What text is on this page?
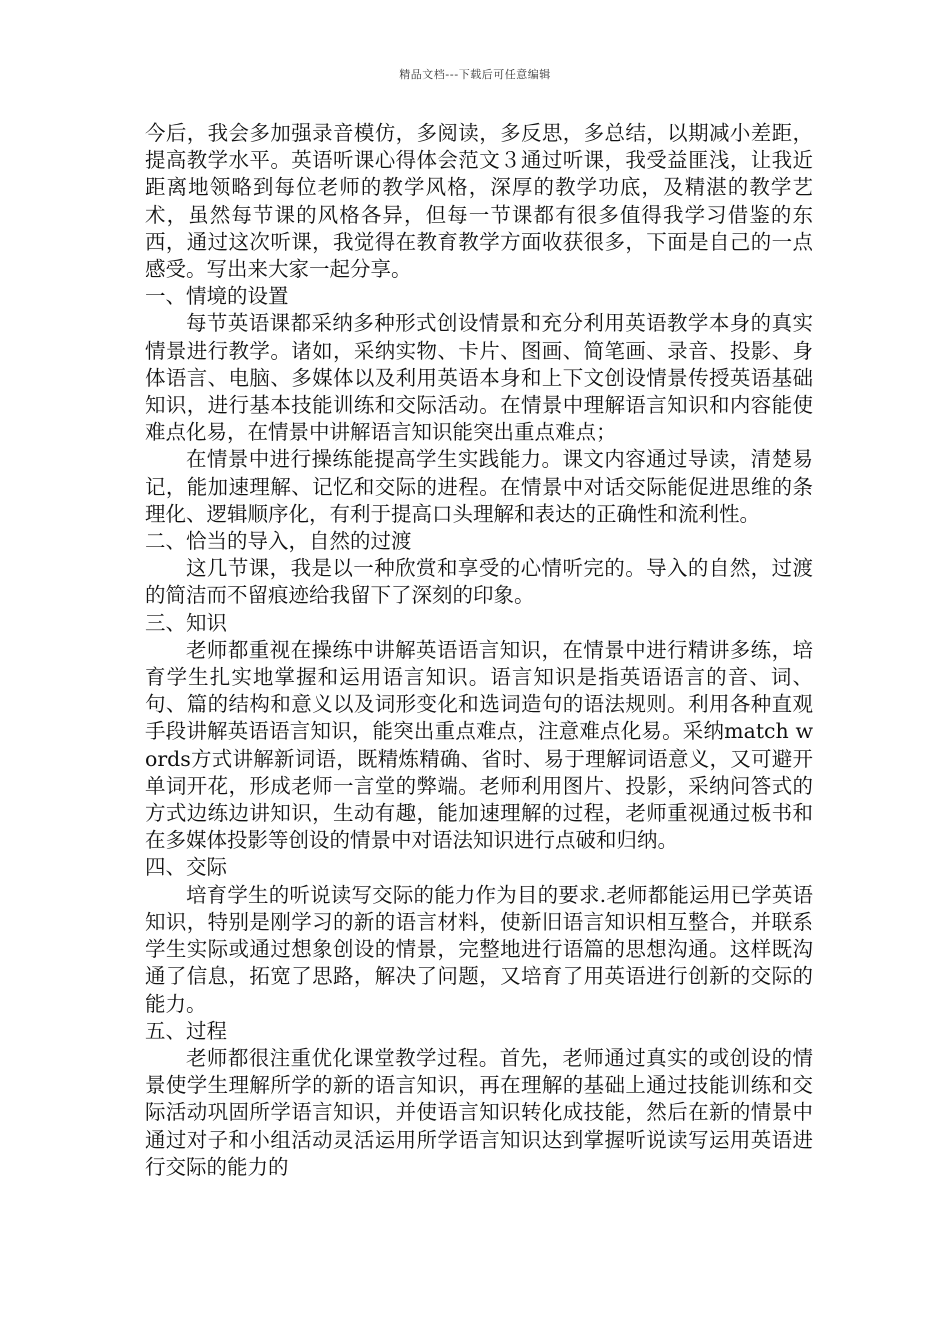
精品文档---下载后可任意编辑

今后，我会多加强录音模仿，多阅读，多反思，多总结，以期减小差距，提高教学水平。英语听课心得体会范文３通过听课，我受益匪浅，让我近距离地领略到每位老师的教学风格，深厚的教学功底，及精湛的教学艺术，虽然每节课的风格各异，但每一节课都有很多值得我学习借鉴的东西，通过这次听课，我觉得在教育教学方面收获很多，下面是自己的一点 感受。写出来大家一起分享。

一、情境的设置

每节英语课都采纳多种形式创设情景和充分利用英语教学本身的真实情景进行教学。诸如，采纳实物、卡片、图画、简笔画、录音、投影、身体语言、电脑、多媒体以及利用英语本身和上下文创设情景传授英语基础知识，进行基本技能训练和交际活动。在情景中理解语言知识和内容能使难点化易，在情景中讲解语言知识能突出重点难点；

在情景中进行操练能提高学生实践能力。课文内容通过导读，清楚易记，能加速理解、记忆和交际的进程。在情景中对话交际能促进思维的条理化、逻辑顺序化，有利于提高口头理解和表达的正确性和流利性。

二、恰当的导入，自然的过渡

这几节课，我是以一种欣赏和享受的心情听完的。导入的自然，过渡的简洁而不留痕迹给我留下了深刻的印象。

三、知识

老师都重视在操练中讲解英语语言知识，在情景中进行精讲多练，培育学生扎实地掌握和运用语言知识。语言知识是指英语语言的音、词、句、篇的结构和意义以及词形变化和选词造句的语法规则。利用各种直观手段讲解英语语言知识，能突出重点难点，注意难点化易。采纳match words方式讲解新词语，既精炼精确、省时、易于理解词语意义，又可避开单词开花，形成老师一言堂的弊端。老师利用图片、投影，采纳问答式的方式边练边讲知识，生动有趣，能加速理解的过程，老师重视通过板书和在多媒体投影等创设的情景中对语法知识进行点破和归纳。

四、交际

培育学生的听说读写交际的能力作为目的要求.老师都能运用已学英语知识，特别是刚学习的新的语言材料，使新旧语言知识相互整合，并联系学生实际或通过想象创设的情景，完整地进行语篇的思想沟通。这样既沟通了信息，拓宽了思路，解决了问题，又培育了用英语进行创新的交际的能力。

五、过程

老师都很注重优化课堂教学过程。首先，老师通过真实的或创设的情景使学生理解所学的新的语言知识，再在理解的基础上通过技能训练和交际活动巩固所学语言知识，并使语言知识转化成技能，然后在新的情景中通过对子和小组活动灵活运用所学语言知识达到掌握听说读写运用英语进行交际的能力的
